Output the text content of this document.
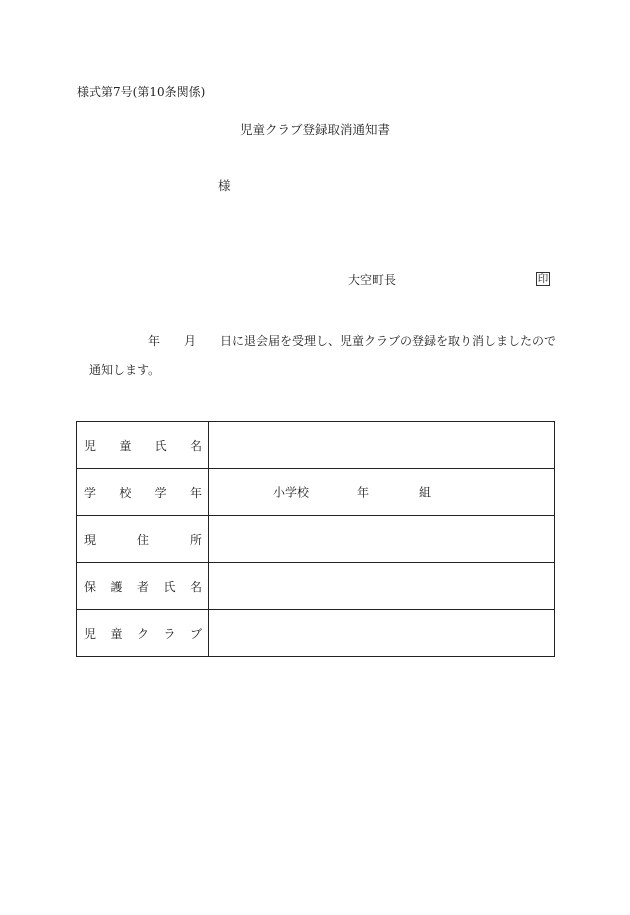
様式第7号(第10条関係)
児童クラブ登録取消通知書
様
大空町長	印
年 月 日に退会届を受理し、児童クラブの登録を取り消しましたので
通知します。
児 童 氏 名	

学 校 学 年	小学校 年 組

現 住 所	

保 護 者 氏 名	

児 童 ク ラ ブ	
